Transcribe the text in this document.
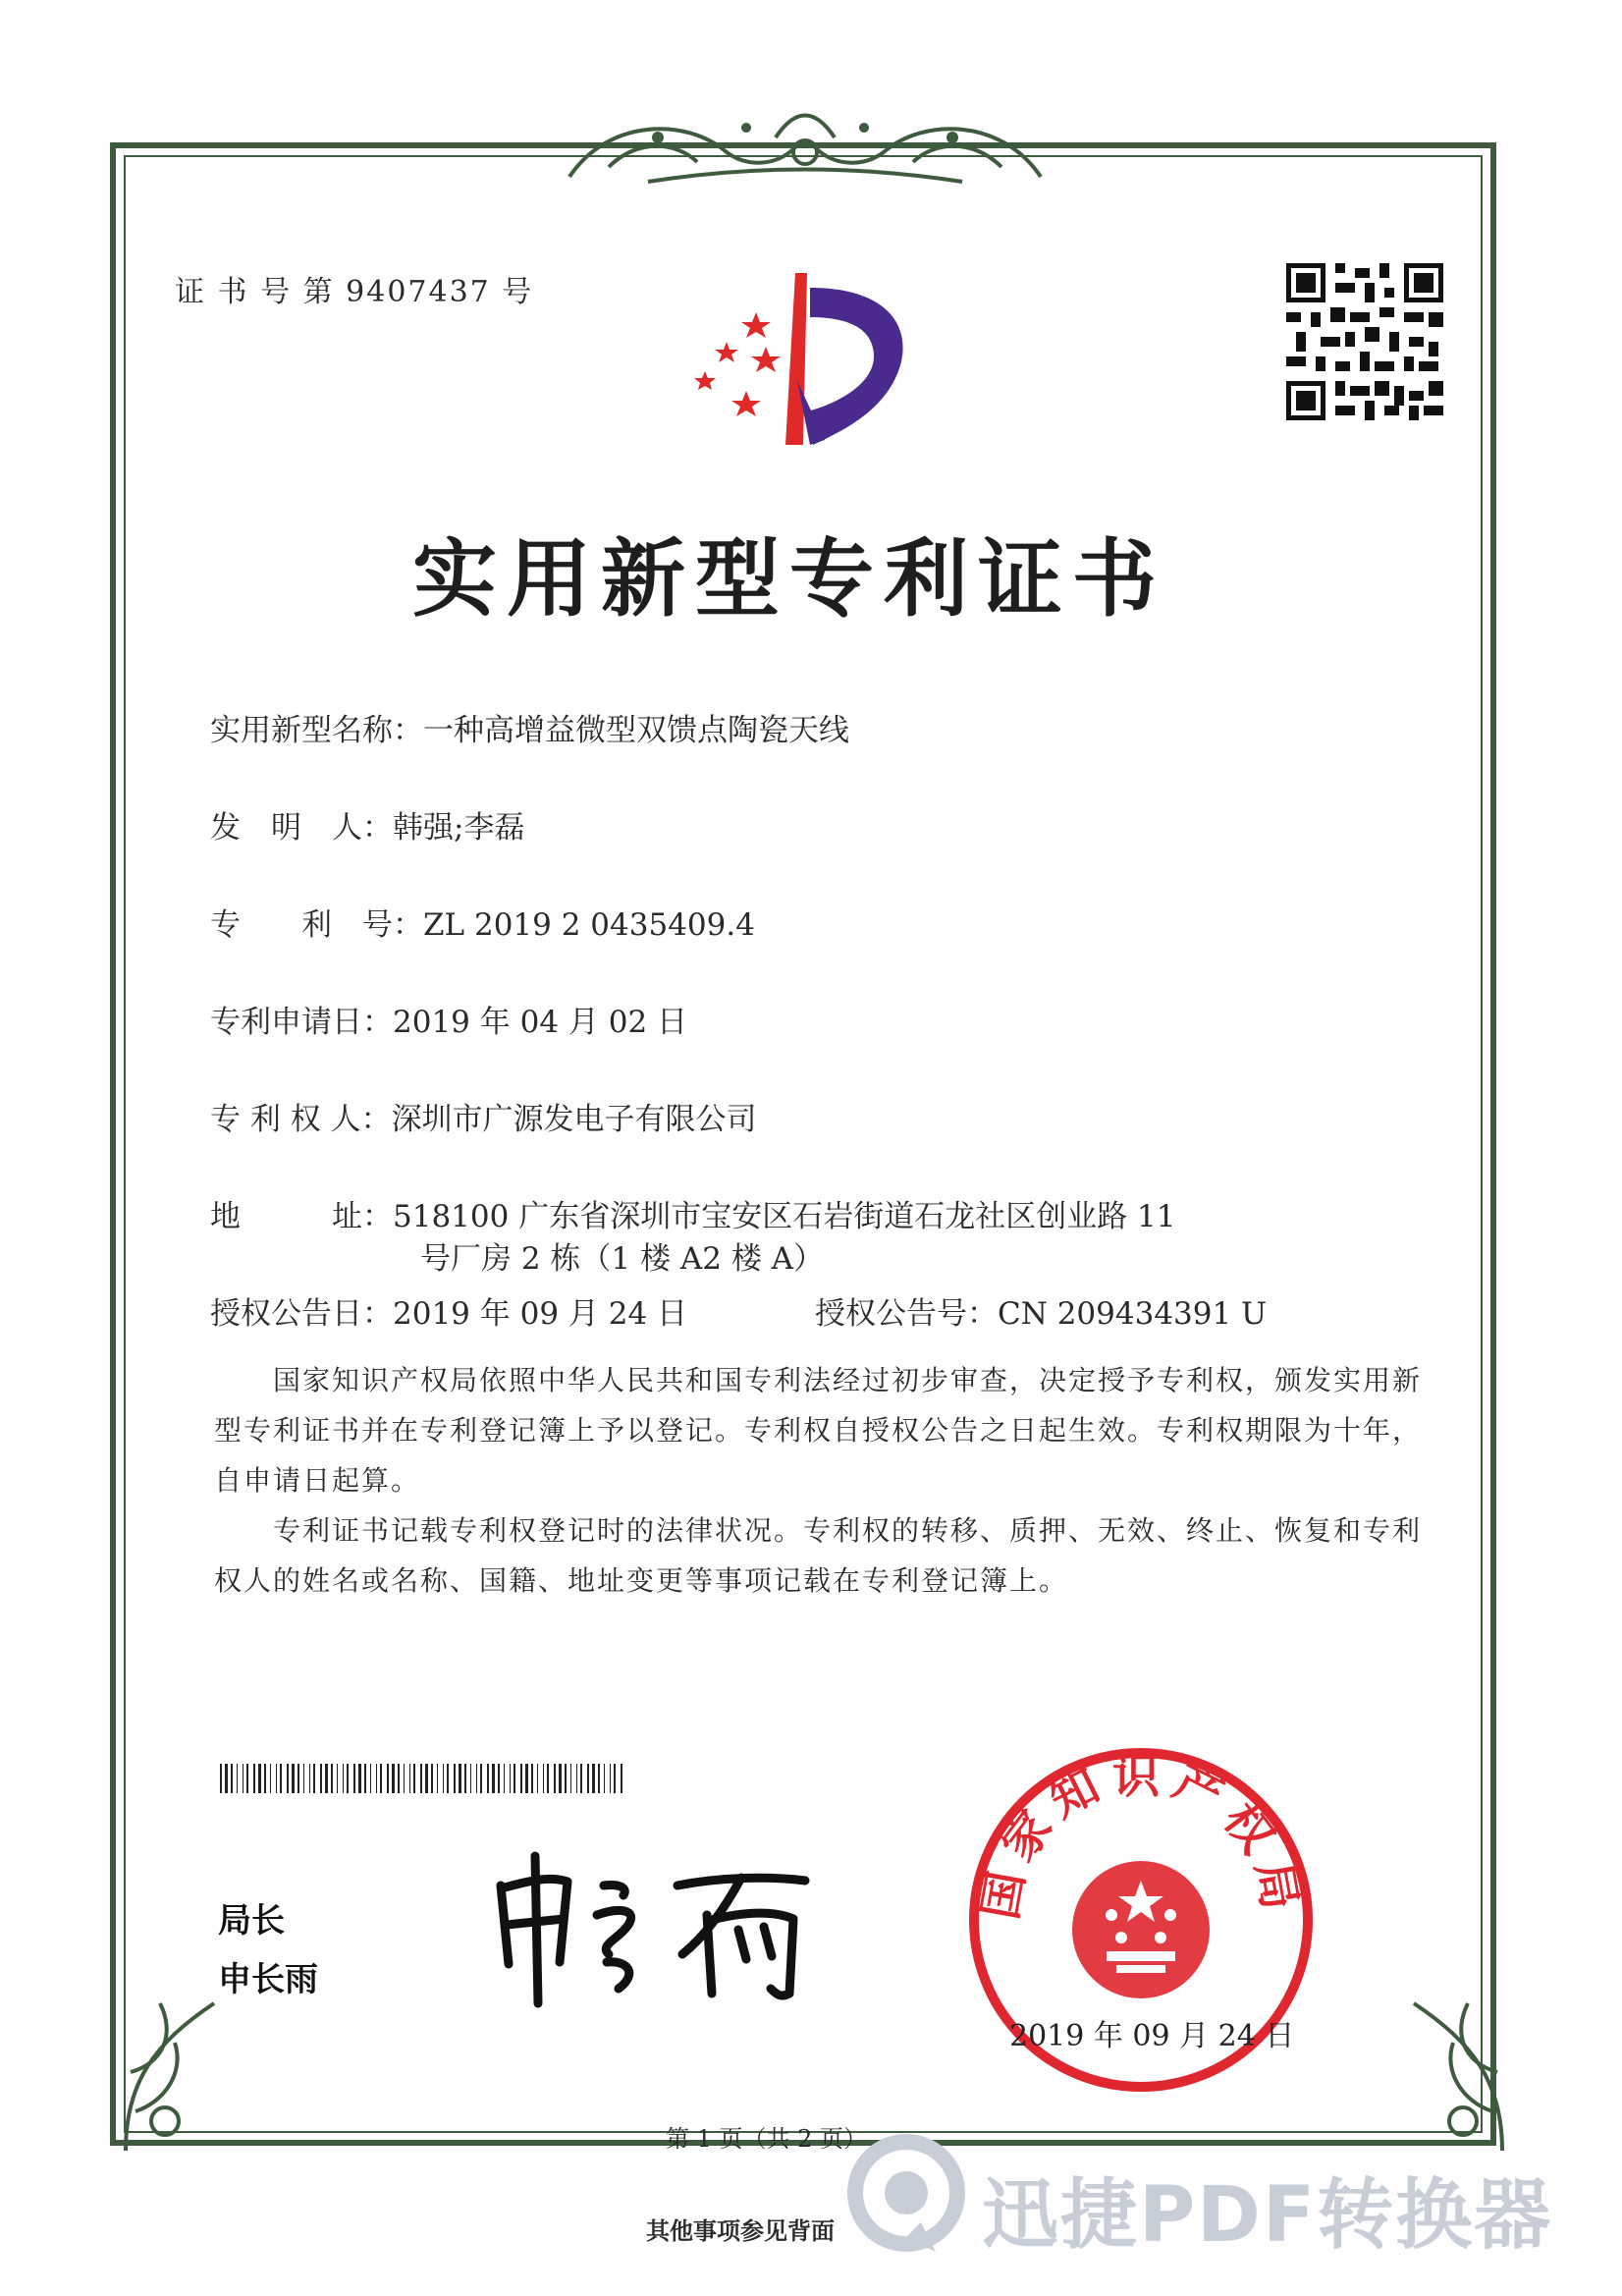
证 书 号 第 9407437 号
实用新型专利证书
实用新型名称：一种高增益微型双馈点陶瓷天线
发　明　人：韩强;李磊
专　　利　号：ZL 2019 2 0435409.4
专利申请日：2019 年 04 月 02 日
专 利 权 人：深圳市广源发电子有限公司
地　　　址：518100 广东省深圳市宝安区石岩街道石龙社区创业路 11
号厂房 2 栋（1 楼 A2 楼 A）
授权公告日：2019 年 09 月 24 日	授权公告号：CN 209434391 U

国家知识产权局依照中华人民共和国专利法经过初步审查，决定授予专利权，颁发实用新型专利证书并在专利登记簿上予以登记。专利权自授权公告之日起生效。专利权期限为十年，自申请日起算。

专利证书记载专利权登记时的法律状况。专利权的转移、质押、无效、终止、恢复和专利权人的姓名或名称、国籍、地址变更等事项记载在专利登记簿上。

局长
申长雨
国家知识产权局
2019 年 09 月 24 日
第 1 页（共 2 页）
其他事项参见背面 迅捷PDF转换器
